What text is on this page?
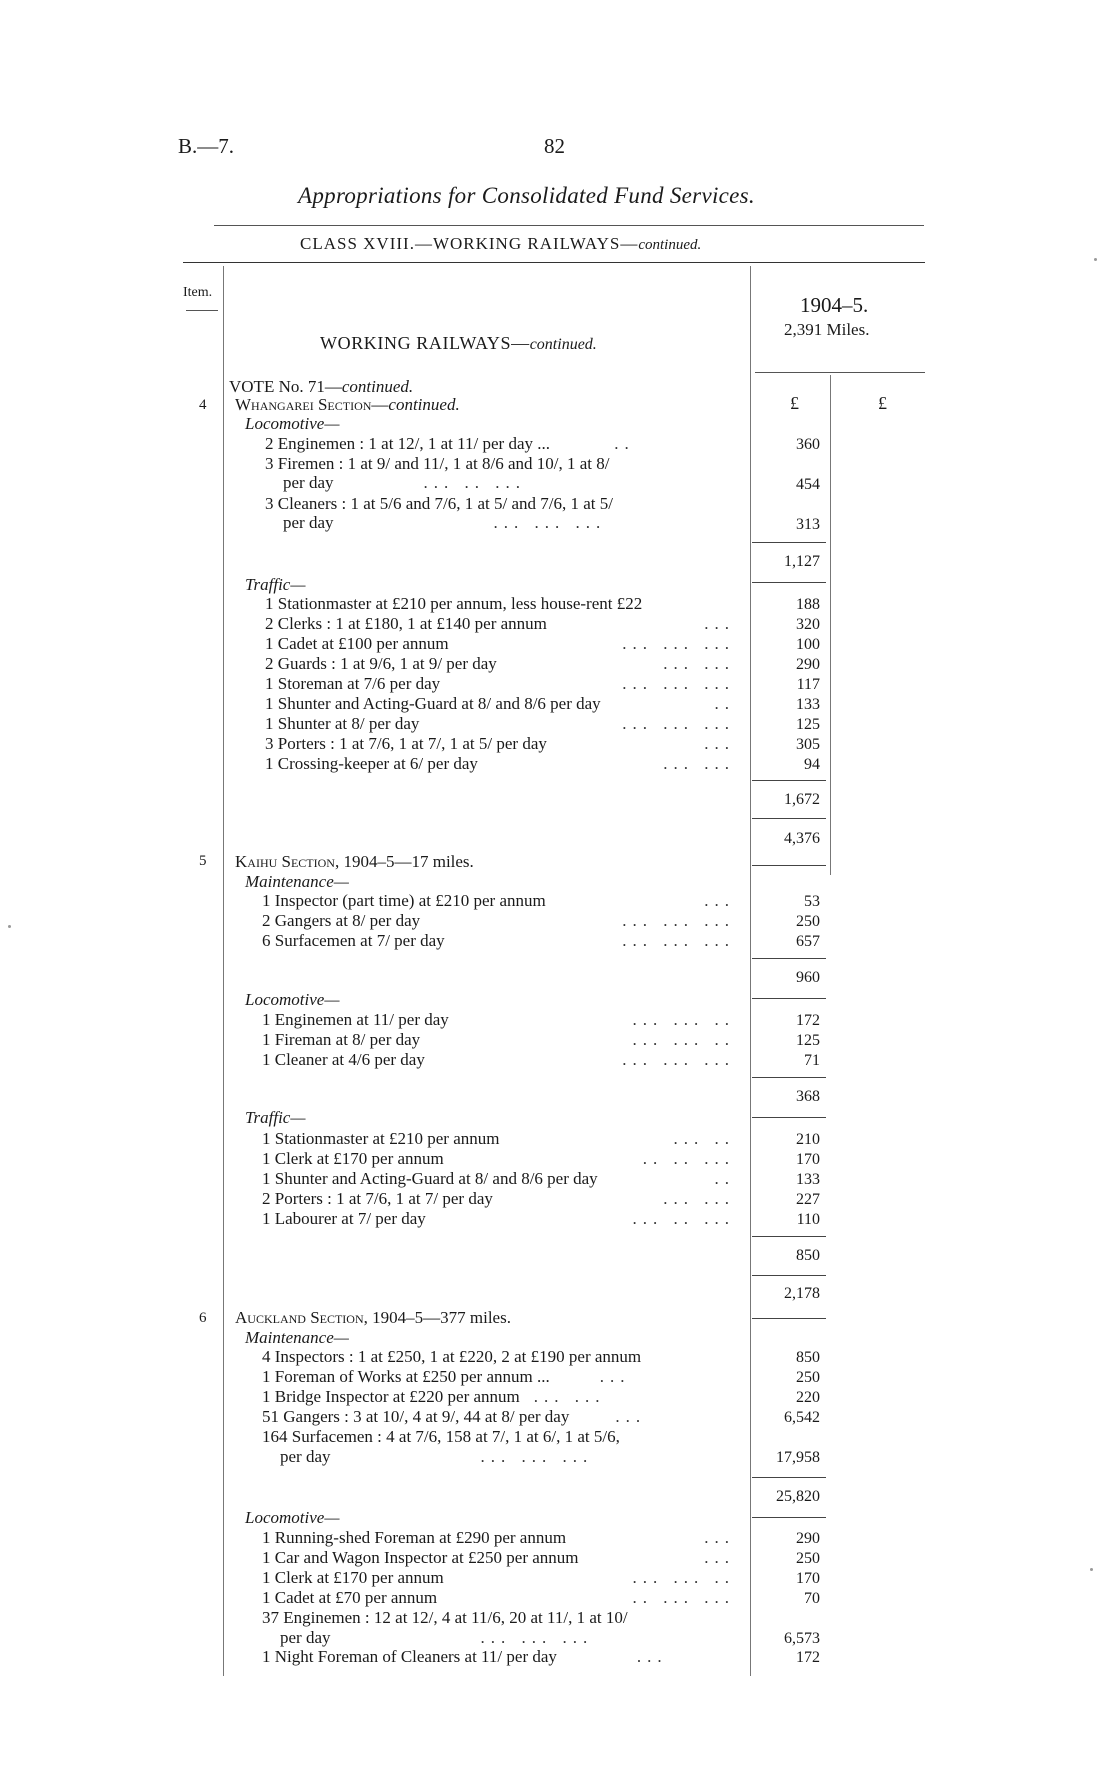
B.—7.	82
Appropriations for Consolidated Fund Services.
CLASS XVIII.—WORKING RAILWAYS—continued.
Item.
1904–5.
2,391 Miles.
£	£
WORKING RAILWAYS—continued.
VOTE No. 71—continued.
4 Whangarei Section—continued.
Locomotive—
2 Enginemen : 1 at 12/, 1 at 11/ per day ...	..	360
3 Firemen : 1 at 9/ and 11/, 1 at 8/6 and 10/, 1 at 8/
per day	... .. ...	454
3 Cleaners : 1 at 5/6 and 7/6, 1 at 5/ and 7/6, 1 at 5/
per day	... ... ...	313
1,127
Traffic—
1 Stationmaster at £210 per annum, less house-rent £22	188
2 Clerks : 1 at £180, 1 at £140 per annum	...	320
1 Cadet at £100 per annum	... ... ...	100
2 Guards : 1 at 9/6, 1 at 9/ per day	... ...	290
1 Storeman at 7/6 per day	... ... ...	117
1 Shunter and Acting-Guard at 8/ and 8/6 per day	..	133
1 Shunter at 8/ per day	... ... ...	125
3 Porters : 1 at 7/6, 1 at 7/, 1 at 5/ per day	...	305
1 Crossing-keeper at 6/ per day	... ...	94
1,672
4,376
5 Kaihu Section, 1904–5—17 miles.
Maintenance—
1 Inspector (part time) at £210 per annum	...	53
2 Gangers at 8/ per day	... ... ...	250
6 Surfacemen at 7/ per day	... ... ...	657
960
Locomotive—
1 Enginemen at 11/ per day	... ... ..	172
1 Fireman at 8/ per day	... ... ..	125
1 Cleaner at 4/6 per day	... ... ...	71
368
Traffic—
1 Stationmaster at £210 per annum	... ..	210
1 Clerk at £170 per annum	.. .. ...	170
1 Shunter and Acting-Guard at 8/ and 8/6 per day	..	133
2 Porters : 1 at 7/6, 1 at 7/ per day	... ...	227
1 Labourer at 7/ per day	... .. ...	110
850
2,178
6 Auckland Section, 1904–5—377 miles.
Maintenance—
4 Inspectors : 1 at £250, 1 at £220, 2 at £190 per annum	850
1 Foreman of Works at £250 per annum ...	...	250
1 Bridge Inspector at £220 per annum ... ...	220
51 Gangers : 3 at 10/, 4 at 9/, 44 at 8/ per day	...	6,542
164 Surfacemen : 4 at 7/6, 158 at 7/, 1 at 6/, 1 at 5/6,
per day	... ... ...	17,958
25,820
Locomotive—
1 Running-shed Foreman at £290 per annum	...	290
1 Car and Wagon Inspector at £250 per annum	...	250
1 Clerk at £170 per annum	... ... ..	170
1 Cadet at £70 per annum	.. ... ...	70
37 Enginemen : 12 at 12/, 4 at 11/6, 20 at 11/, 1 at 10/
per day	... ... ...	6,573
1 Night Foreman of Cleaners at 11/ per day	...	172
